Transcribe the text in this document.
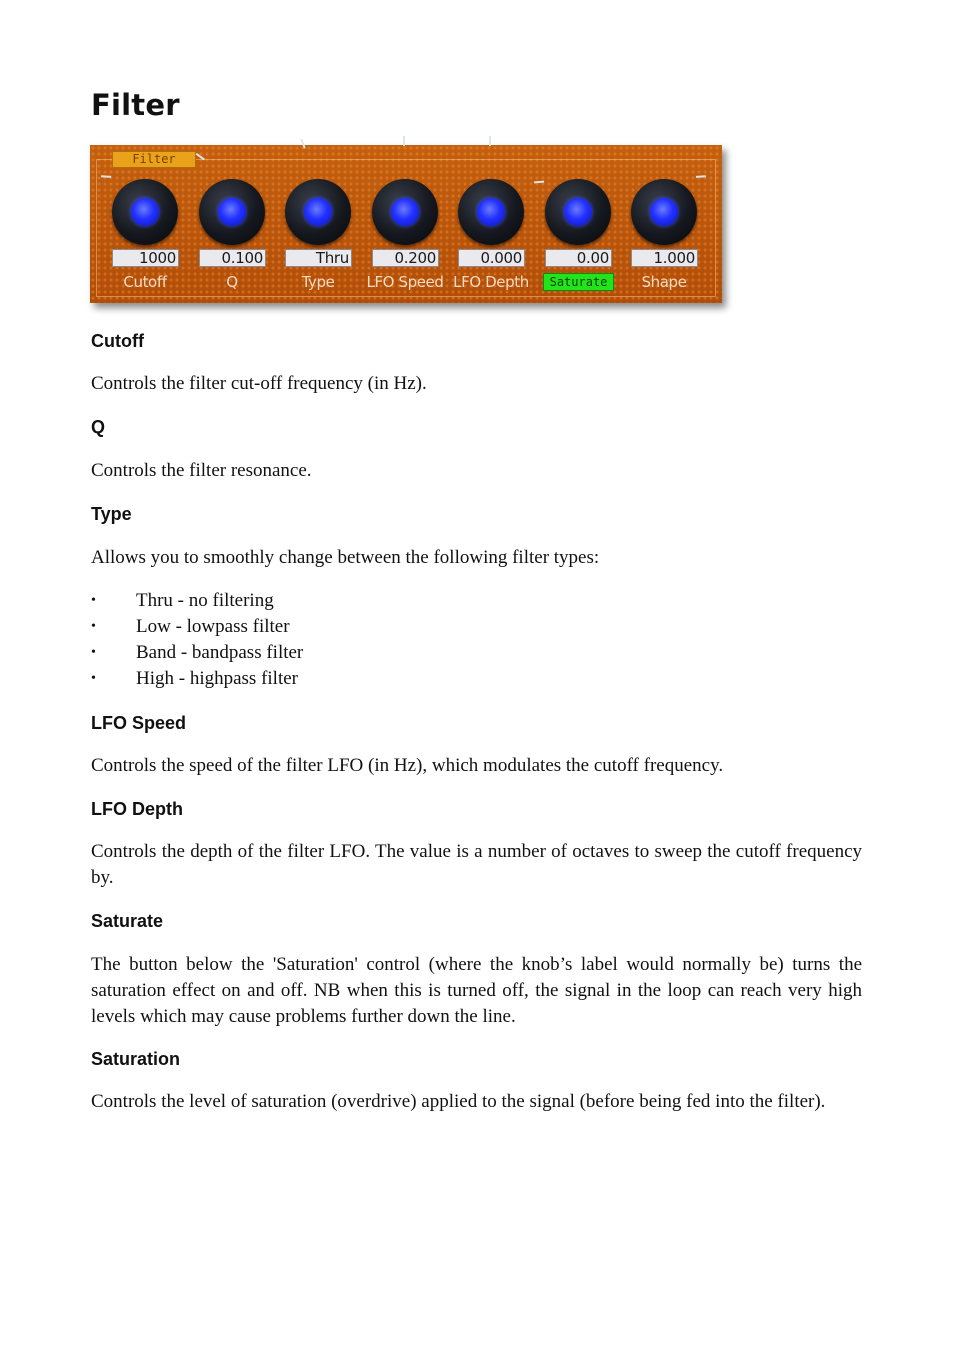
Filter
Filter
1000
Cutoff
0.100
Q
Thru
Type
0.200
LFO Speed
0.000
LFO Depth
0.00
Saturate
1.000
Shape
Cutoff

Controls the filter cut-off frequency (in Hz).

Q

Controls the filter resonance.

Type

Allows you to smoothly change between the following filter types:

• Thru - no filtering
• Low - lowpass filter
• Band - bandpass filter
• High - highpass filter
LFO Speed

Controls the speed of the filter LFO (in Hz), which modulates the cutoff frequency.

LFO Depth

Controls the depth of the filter LFO. The value is a number of octaves to sweep the cutoff frequency by.

Saturate

The button below the 'Saturation' control (where the knob’s label would normally be) turns the saturation effect on and off. NB when this is turned off, the signal in the loop can reach very high levels which may cause problems further down the line.

Saturation

Controls the level of saturation (overdrive) applied to the signal (before being fed into the filter).
